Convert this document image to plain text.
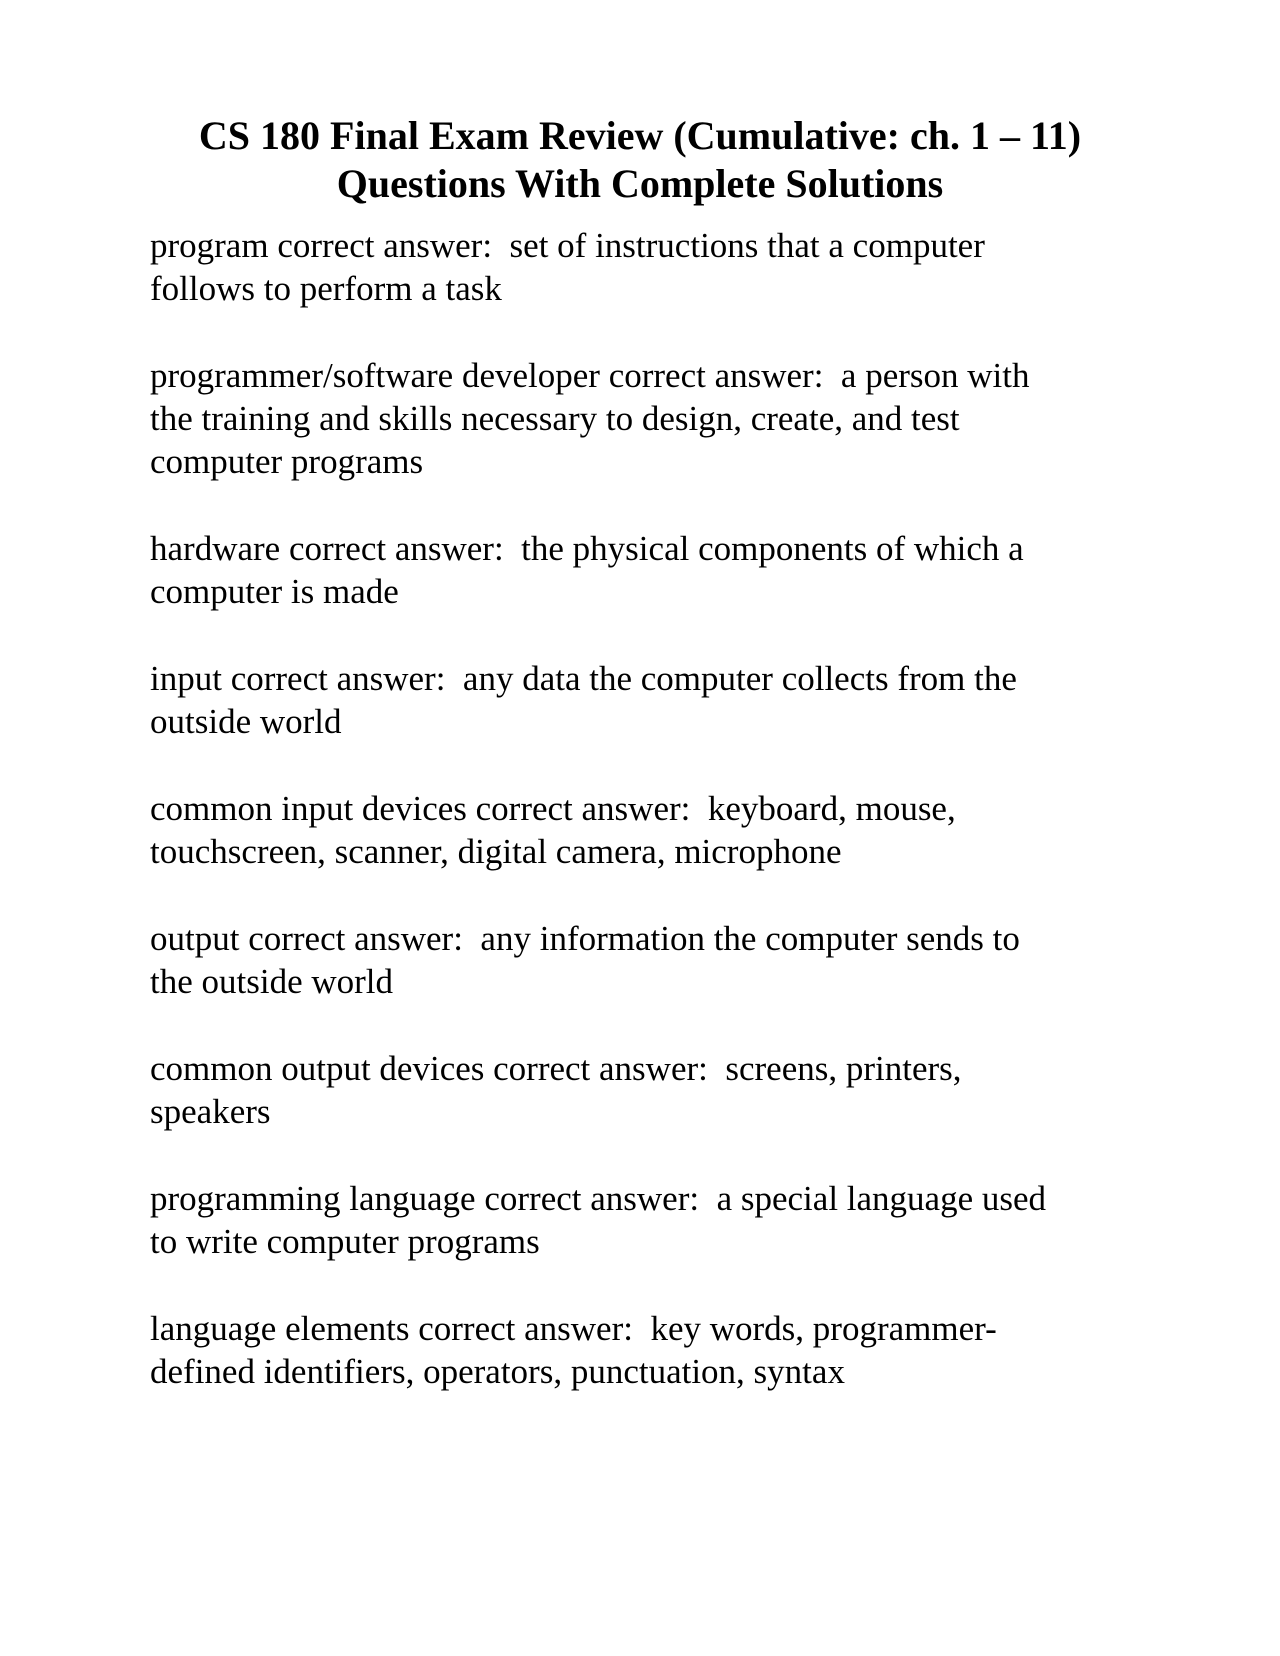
CS 180 Final Exam Review (Cumulative: ch. 1 – 11)
Questions With Complete Solutions
program correct answer:  set of instructions that a computer
follows to perform a task
programmer/software developer correct answer:  a person with
the training and skills necessary to design, create, and test
computer programs
hardware correct answer:  the physical components of which a
computer is made
input correct answer:  any data the computer collects from the
outside world
common input devices correct answer:  keyboard, mouse,
touchscreen, scanner, digital camera, microphone
output correct answer:  any information the computer sends to
the outside world
common output devices correct answer:  screens, printers,
speakers
programming language correct answer:  a special language used
to write computer programs
language elements correct answer:  key words, programmer-
defined identifiers, operators, punctuation, syntax
